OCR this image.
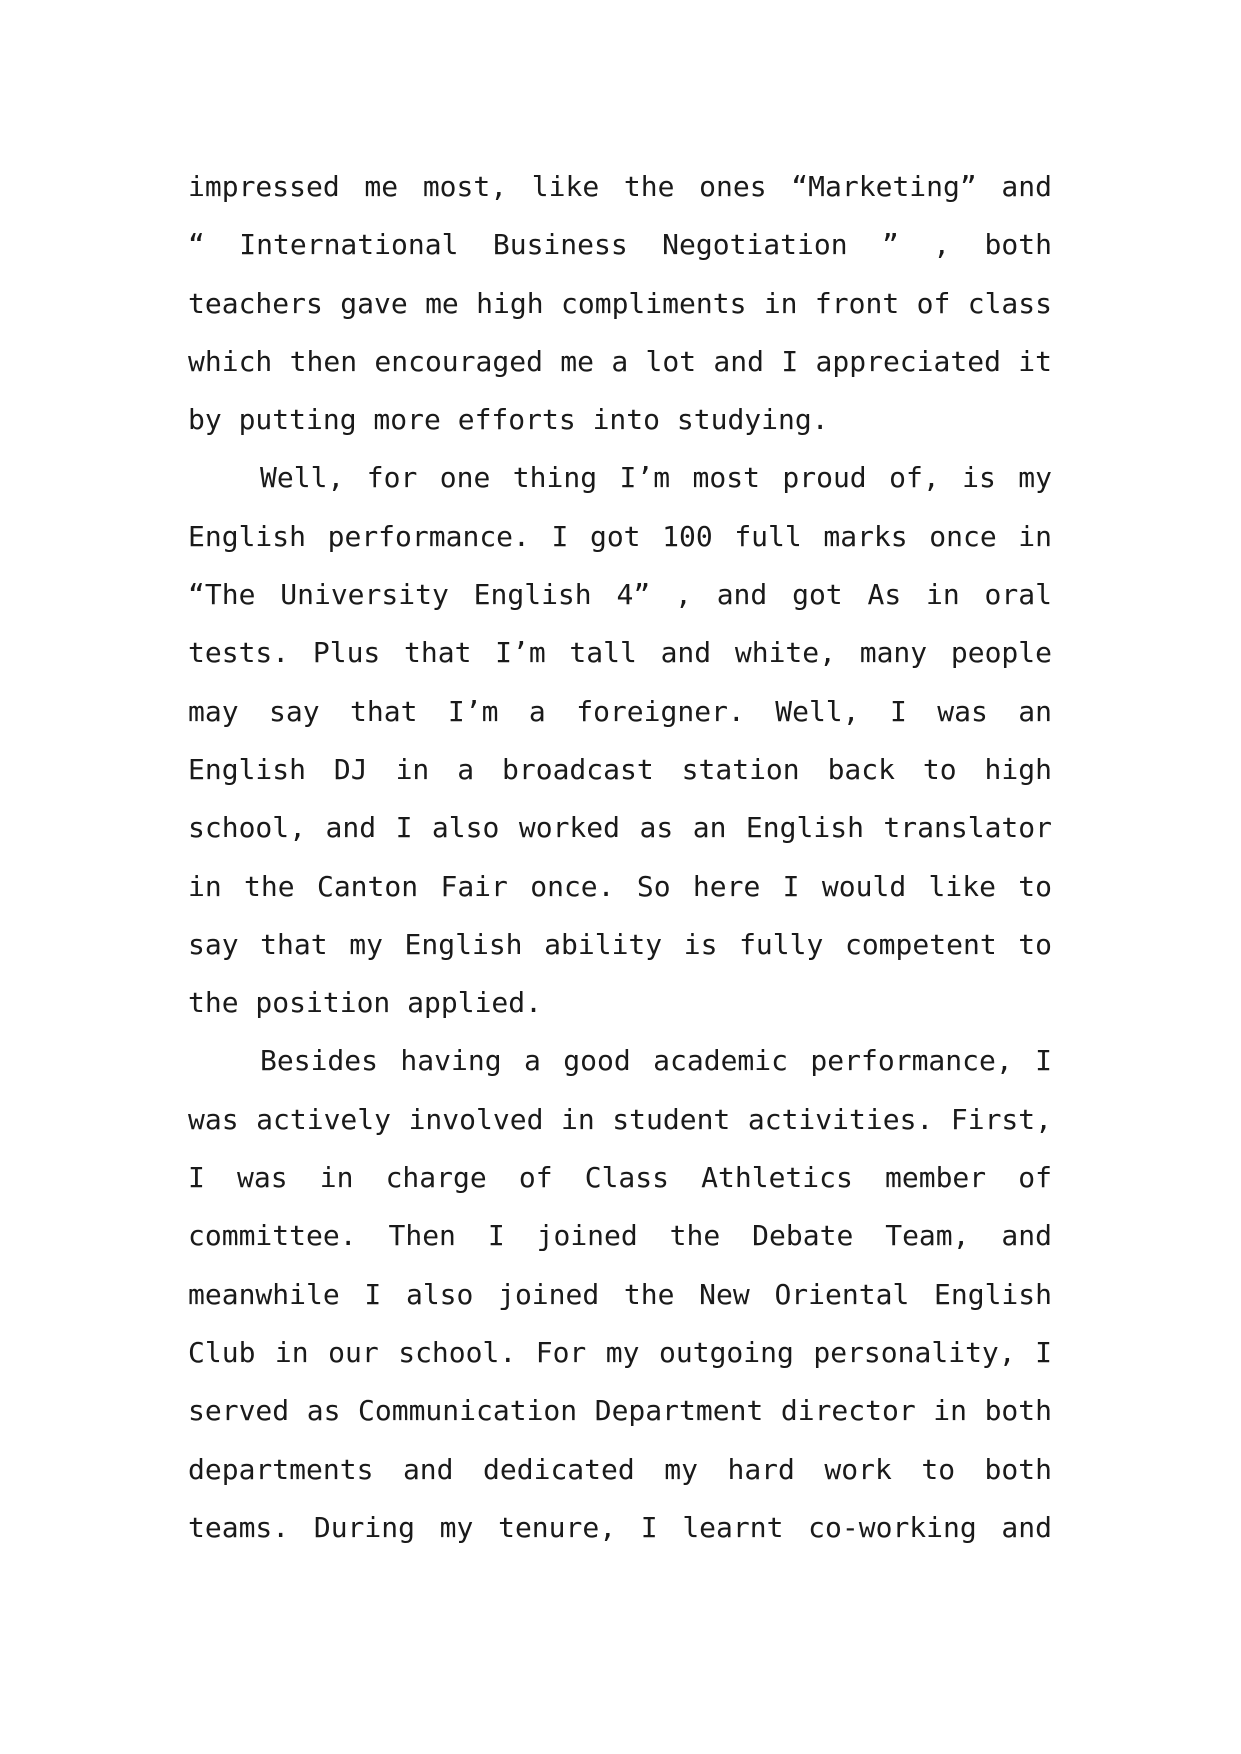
impressed me most, like the ones “Marketing” and
“ International Business Negotiation ” , both
teachers gave me high compliments in front of class
which then encouraged me a lot and I appreciated it
by putting more efforts into studying.
Well, for one thing I’m most proud of, is my
English performance. I got 100 full marks once in
“The University English 4” , and got As in oral
tests. Plus that I’m tall and white, many people
may say that I’m a foreigner. Well, I was an
English DJ in a broadcast station back to high
school, and I also worked as an English translator
in the Canton Fair once. So here I would like to
say that my English ability is fully competent to
the position applied.
Besides having a good academic performance, I
was actively involved in student activities. First,
I was in charge of Class Athletics member of
committee. Then I joined the Debate Team, and
meanwhile I also joined the New Oriental English
Club in our school. For my outgoing personality, I
served as Communication Department director in both
departments and dedicated my hard work to both
teams. During my tenure, I learnt co-working and
